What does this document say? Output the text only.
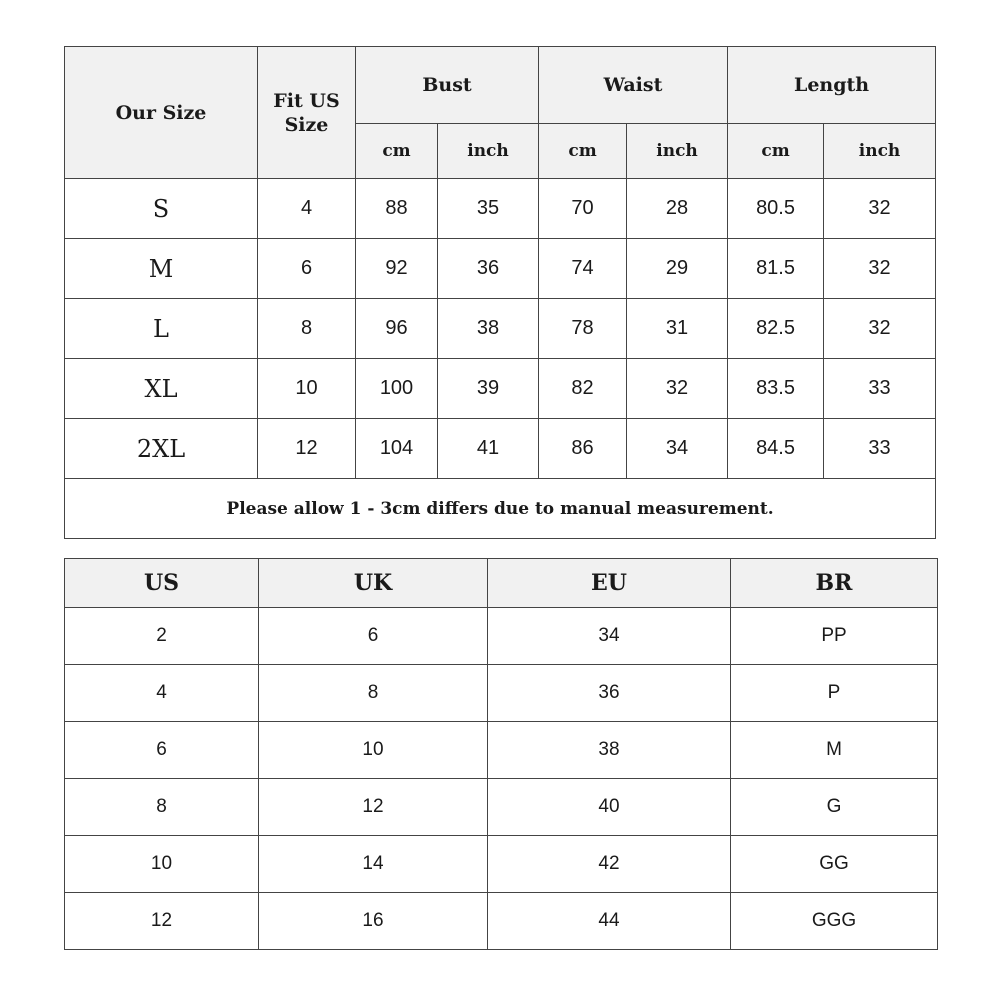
Our Size	Fit US Size	Bust		Waist		Length	
		cm	inch	cm	inch	cm	inch
S	4	88	35	70	28	80.5	32
M	6	92	36	74	29	81.5	32
L	8	96	38	78	31	82.5	32
XL	10	100	39	82	32	83.5	33
2XL	12	104	41	86	34	84.5	33
Please allow 1 - 3cm differs due to manual measurement.							
US	UK	EU	BR
2	6	34	PP
4	8	36	P
6	10	38	M
8	12	40	G
10	14	42	GG
12	16	44	GGG
